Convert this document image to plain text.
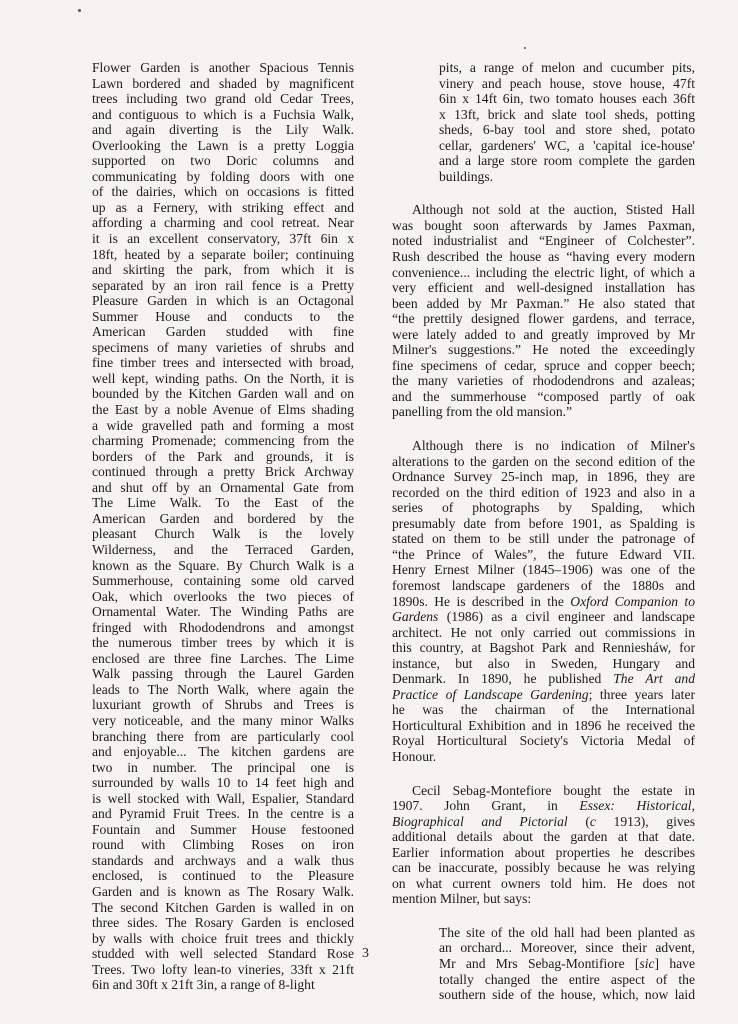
Flower Garden is another Spacious Tennis
Lawn bordered and shaded by magnificent
trees including two grand old Cedar Trees,
and contiguous to which is a Fuchsia Walk,
and again diverting is the Lily Walk.
Overlooking the Lawn is a pretty Loggia
supported on two Doric columns and
communicating by folding doors with one
of the dairies, which on occasions is fitted
up as a Fernery, with striking effect and
affording a charming and cool retreat. Near
it is an excellent conservatory, 37ft 6in x
18ft, heated by a separate boiler; continuing
and skirting the park, from which it is
separated by an iron rail fence is a Pretty
Pleasure Garden in which is an Octagonal
Summer House and conducts to the
American Garden studded with fine
specimens of many varieties of shrubs and
fine timber trees and intersected with broad,
well kept, winding paths. On the North, it is
bounded by the Kitchen Garden wall and on
the East by a noble Avenue of Elms shading
a wide gravelled path and forming a most
charming Promenade; commencing from the
borders of the Park and grounds, it is
continued through a pretty Brick Archway
and shut off by an Ornamental Gate from
The Lime Walk. To the East of the
American Garden and bordered by the
pleasant Church Walk is the lovely
Wilderness, and the Terraced Garden,
known as the Square. By Church Walk is a
Summerhouse, containing some old carved
Oak, which overlooks the two pieces of
Ornamental Water. The Winding Paths are
fringed with Rhododendrons and amongst
the numerous timber trees by which it is
enclosed are three fine Larches. The Lime
Walk passing through the Laurel Garden
leads to The North Walk, where again the
luxuriant growth of Shrubs and Trees is
very noticeable, and the many minor Walks
branching there from are particularly cool
and enjoyable... The kitchen gardens are
two in number. The principal one is
surrounded by walls 10 to 14 feet high and
is well stocked with Wall, Espalier, Standard
and Pyramid Fruit Trees. In the centre is a
Fountain and Summer House festooned
round with Climbing Roses on iron
standards and archways and a walk thus
enclosed, is continued to the Pleasure
Garden and is known as The Rosary Walk.
The second Kitchen Garden is walled in on
three sides. The Rosary Garden is enclosed
by walls with choice fruit trees and thickly
studded with well selected Standard Rose
Trees. Two lofty lean-to vineries, 33ft x 21ft
6in and 30ft x 21ft 3in, a range of 8-light
pits, a range of melon and cucumber pits,
vinery and peach house, stove house, 47ft
6in x 14ft 6in, two tomato houses each 36ft
x 13ft, brick and slate tool sheds, potting
sheds, 6-bay tool and store shed, potato
cellar, gardeners' WC, a 'capital ice-house'
and a large store room complete the garden
buildings.
Although not sold at the auction, Stisted Hall
was bought soon afterwards by James Paxman,
noted industrialist and “Engineer of Colchester”.
Rush described the house as “having every modern
convenience... including the electric light, of which a
very efficient and well-designed installation has
been added by Mr Paxman.” He also stated that
“the prettily designed flower gardens, and terrace,
were lately added to and greatly improved by Mr
Milner's suggestions.” He noted the exceedingly
fine specimens of cedar, spruce and copper beech;
the many varieties of rhododendrons and azaleas;
and the summerhouse “composed partly of oak
panelling from the old mansion.”
Although there is no indication of Milner's
alterations to the garden on the second edition of the
Ordnance Survey 25-inch map, in 1896, they are
recorded on the third edition of 1923 and also in a
series of photographs by Spalding, which
presumably date from before 1901, as Spalding is
stated on them to be still under the patronage of
“the Prince of Wales”, the future Edward VII.
Henry Ernest Milner (1845–1906) was one of the
foremost landscape gardeners of the 1880s and
1890s. He is described in the Oxford Companion to
Gardens (1986) as a civil engineer and landscape
architect. He not only carried out commissions in
this country, at Bagshot Park and Renniesháw, for
instance, but also in Sweden, Hungary and
Denmark. In 1890, he published The Art and
Practice of Landscape Gardening; three years later
he was the chairman of the International
Horticultural Exhibition and in 1896 he received the
Royal Horticultural Society's Victoria Medal of
Honour.
Cecil Sebag-Montefiore bought the estate in
1907. John Grant, in Essex: Historical,
Biographical and Pictorial (c 1913), gives
additional details about the garden at that date.
Earlier information about properties he describes
can be inaccurate, possibly because he was relying
on what current owners told him. He does not
mention Milner, but says:
The site of the old hall had been planted as
an orchard... Moreover, since their advent,
Mr and Mrs Sebag-Montifiore [sic] have
totally changed the entire aspect of the
southern side of the house, which, now laid
3
